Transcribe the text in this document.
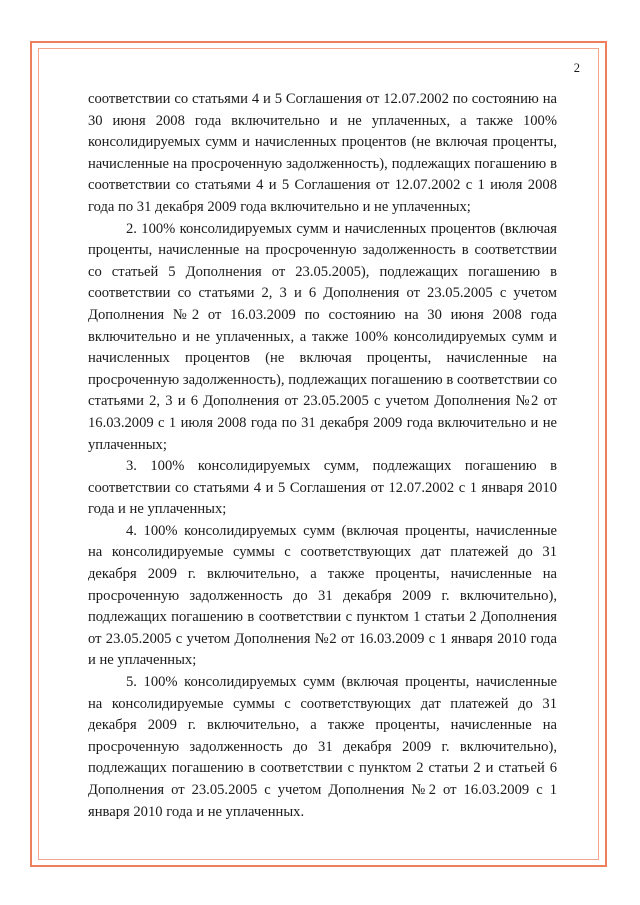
2

соответствии со статьями 4 и 5 Соглашения от 12.07.2002 по состоянию на 30 июня 2008 года включительно и не уплаченных, а также 100% консолидируемых сумм и начисленных процентов (не включая проценты, начисленные на просроченную задолженность), подлежащих погашению в соответствии со статьями 4 и 5 Соглашения от 12.07.2002 с 1 июля 2008 года по 31 декабря 2009 года включительно и не уплаченных;

2. 100% консолидируемых сумм и начисленных процентов (включая проценты, начисленные на просроченную задолженность в соответствии со статьей 5 Дополнения от 23.05.2005), подлежащих погашению в соответствии со статьями 2, 3 и 6 Дополнения от 23.05.2005 с учетом Дополнения №2 от 16.03.2009 по состоянию на 30 июня 2008 года включительно и не уплаченных, а также 100% консолидируемых сумм и начисленных процентов (не включая проценты, начисленные на просроченную задолженность), подлежащих погашению в соответствии со статьями 2, 3 и 6 Дополнения от 23.05.2005 с учетом Дополнения №2 от 16.03.2009 с 1 июля 2008 года по 31 декабря 2009 года включительно и не уплаченных;

3. 100% консолидируемых сумм, подлежащих погашению в соответствии со статьями 4 и 5 Соглашения от 12.07.2002 с 1 января 2010 года и не уплаченных;

4. 100% консолидируемых сумм (включая проценты, начисленные на консолидируемые суммы с соответствующих дат платежей до 31 декабря 2009 г. включительно, а также проценты, начисленные на просроченную задолженность до 31 декабря 2009 г. включительно), подлежащих погашению в соответствии с пунктом 1 статьи 2 Дополнения от 23.05.2005 с учетом Дополнения №2 от 16.03.2009 с 1 января 2010 года и не уплаченных;

5. 100% консолидируемых сумм (включая проценты, начисленные на консолидируемые суммы с соответствующих дат платежей до 31 декабря 2009 г. включительно, а также проценты, начисленные на просроченную задолженность до 31 декабря 2009 г. включительно), подлежащих погашению в соответствии с пунктом 2 статьи 2 и статьей 6 Дополнения от 23.05.2005 с учетом Дополнения №2 от 16.03.2009 с 1 января 2010 года и не уплаченных.
